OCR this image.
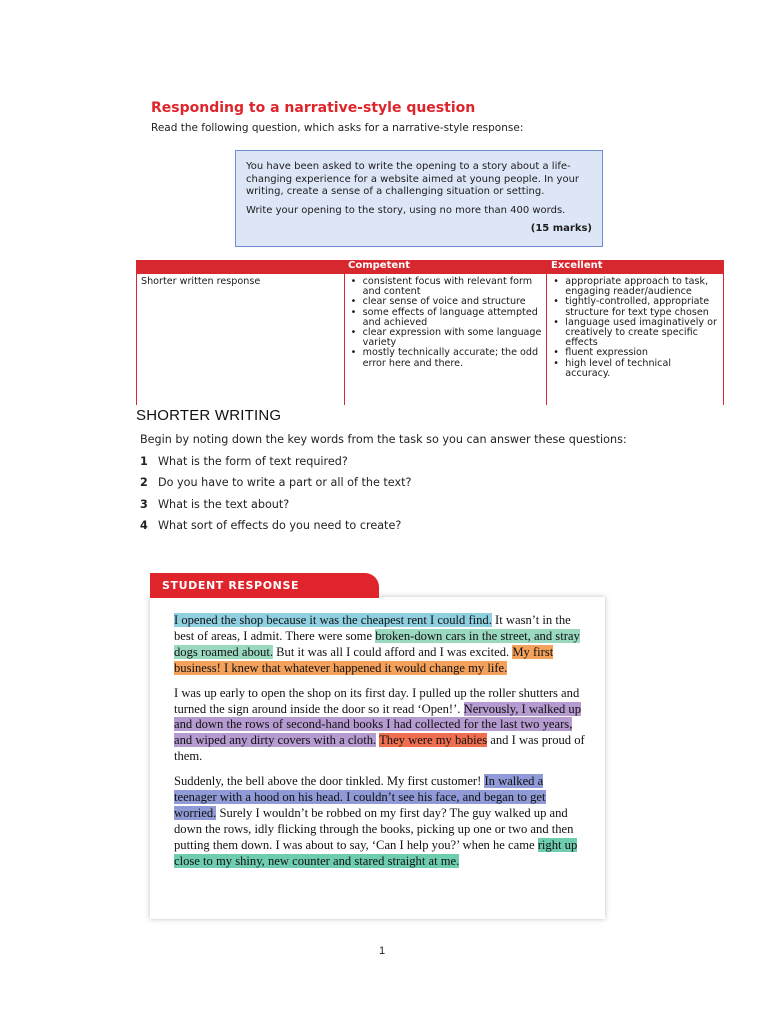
Responding to a narrative-style question
Read the following question, which asks for a narrative-style response:

You have been asked to write the opening to a story about a life-changing experience for a website aimed at young people. In your writing, create a sense of a challenging situation or setting.

Write your opening to the story, using no more than 400 words.

(15 marks)
Competent	Excellent
Shorter written response
•	consistent focus with relevant form and content
• clear sense of voice and structure
• some effects of language attempted and achieved
• clear expression with some language variety
• mostly technically accurate; the odd error here and there.
• appropriate approach to task, engaging reader/audience
• tightly-controlled, appropriate structure for text type chosen
• language used imaginatively or creatively to create specific effects
• fluent expression
• high level of technical accuracy.
SHORTER WRITING
Begin by noting down the key words from the task so you can answer these questions:
1 What is the form of text required?
2 Do you have to write a part or all of the text?
3 What is the text about?
4 What sort of effects do you need to create?
STUDENT RESPONSE

I opened the shop because it was the cheapest rent I could find. It wasn’t in the best of areas, I admit. There were some broken-down cars in the street, and stray dogs roamed about. But it was all I could afford and I was excited. My first business! I knew that whatever happened it would change my life.

I was up early to open the shop on its first day. I pulled up the roller shutters and turned the sign around inside the door so it read ‘Open!’. Nervously, I walked up and down the rows of second-hand books I had collected for the last two years, and wiped any dirty covers with a cloth. They were my babies and I was proud of them.

Suddenly, the bell above the door tinkled. My first customer! In walked a teenager with a hood on his head. I couldn’t see his face, and began to get worried. Surely I wouldn’t be robbed on my first day? The guy walked up and down the rows, idly flicking through the books, picking up one or two and then putting them down. I was about to say, ‘Can I help you?’ when he came right up close to my shiny, new counter and stared straight at me.

1
